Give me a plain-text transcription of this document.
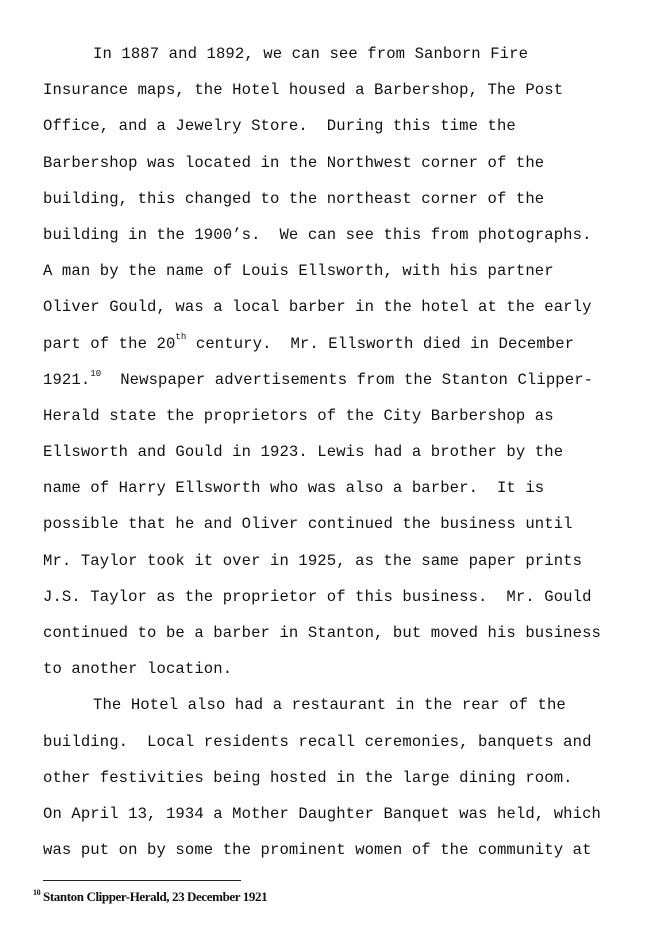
In 1887 and 1892, we can see from Sanborn Fire
Insurance maps, the Hotel housed a Barbershop, The Post
Office, and a Jewelry Store.  During this time the
Barbershop was located in the Northwest corner of the
building, this changed to the northeast corner of the
building in the 1900’s.  We can see this from photographs.
A man by the name of Louis Ellsworth, with his partner
Oliver Gould, was a local barber in the hotel at the early
part of the 20th century.  Mr. Ellsworth died in December
1921.10  Newspaper advertisements from the Stanton Clipper-
Herald state the proprietors of the City Barbershop as
Ellsworth and Gould in 1923. Lewis had a brother by the
name of Harry Ellsworth who was also a barber.  It is
possible that he and Oliver continued the business until
Mr. Taylor took it over in 1925, as the same paper prints
J.S. Taylor as the proprietor of this business.  Mr. Gould
continued to be a barber in Stanton, but moved his business
to another location.
The Hotel also had a restaurant in the rear of the
building.  Local residents recall ceremonies, banquets and
other festivities being hosted in the large dining room.
On April 13, 1934 a Mother Daughter Banquet was held, which
was put on by some the prominent women of the community at
$^{10}$ Stanton Clipper-Herald, 23 December 1921
